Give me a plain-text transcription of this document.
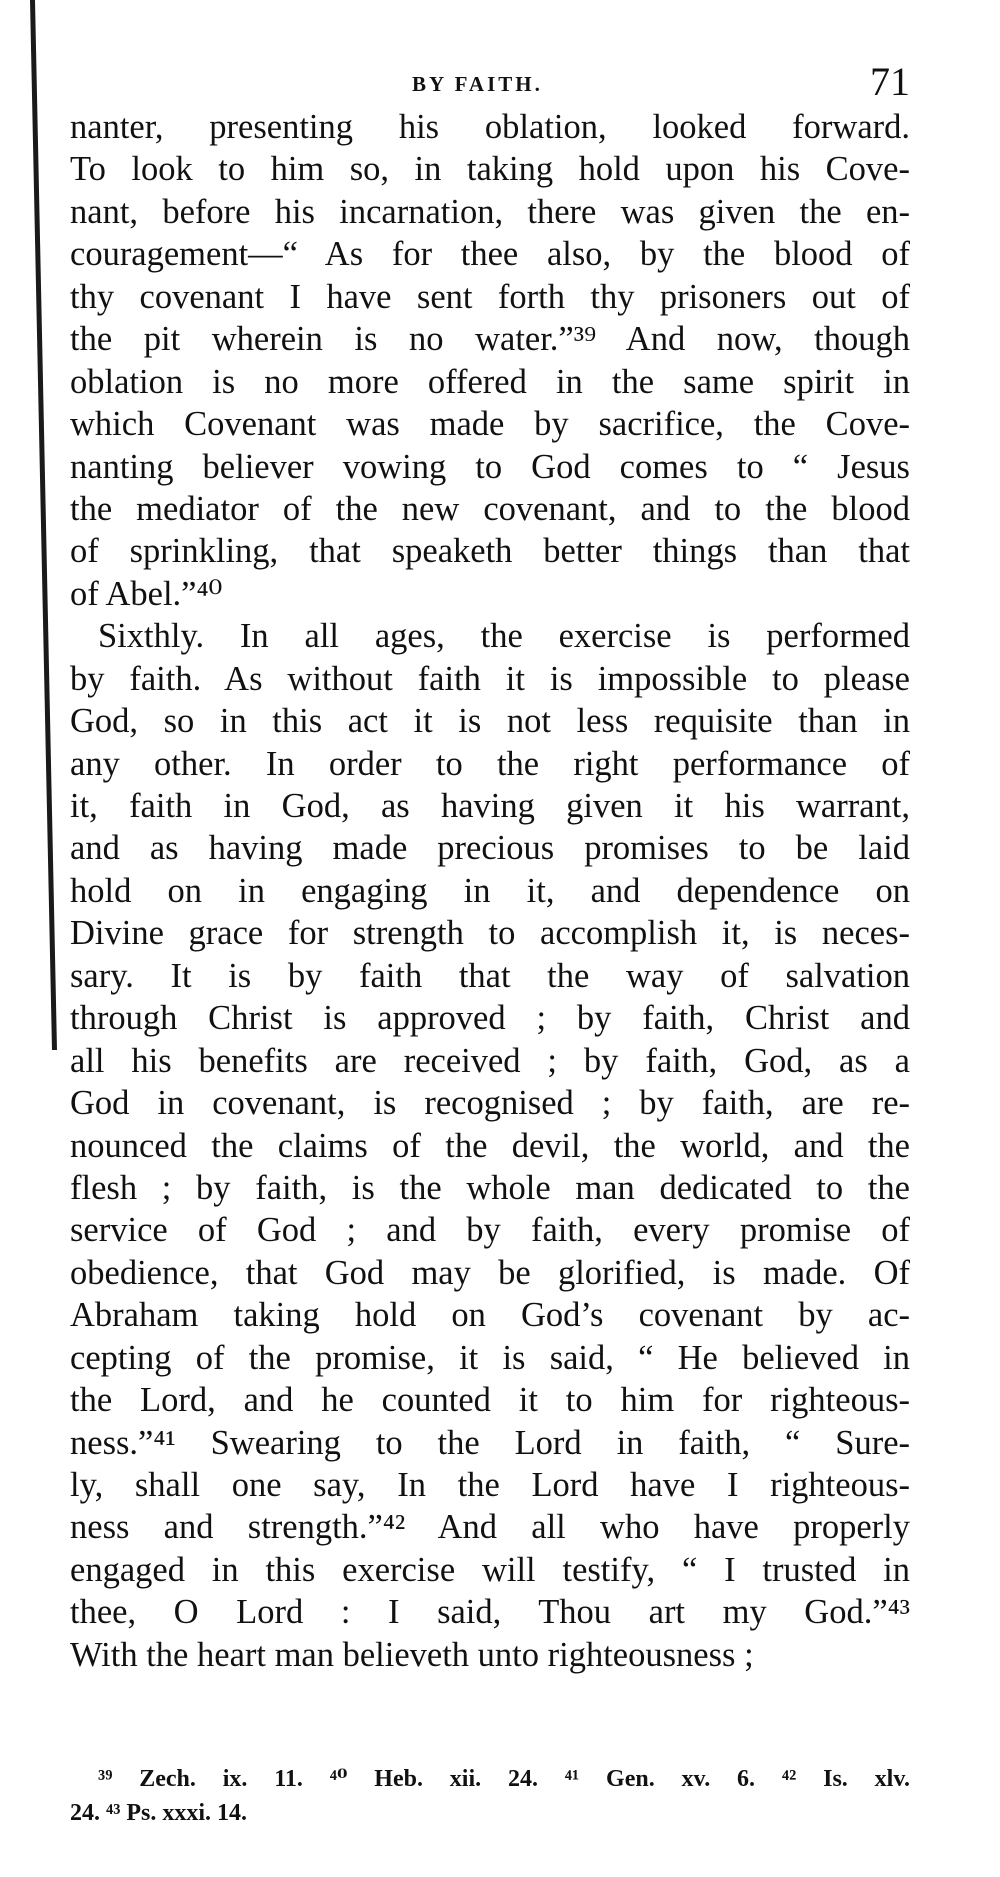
BY FAITH.	71
nanter, presenting his oblation, looked forward.
To look to him so, in taking hold upon his Cove-
nant, before his incarnation, there was given the en-
couragement—“ As for thee also, by the blood of
thy covenant I have sent forth thy prisoners out of
the pit wherein is no water.”³⁹ And now, though
oblation is no more offered in the same spirit in
which Covenant was made by sacrifice, the Cove-
nanting believer vowing to God comes to “ Jesus
the mediator of the new covenant, and to the blood
of sprinkling, that speaketh better things than that
of Abel.”⁴⁰
Sixthly. In all ages, the exercise is performed
by faith. As without faith it is impossible to please
God, so in this act it is not less requisite than in
any other. In order to the right performance of
it, faith in God, as having given it his warrant,
and as having made precious promises to be laid
hold on in engaging in it, and dependence on
Divine grace for strength to accomplish it, is neces-
sary. It is by faith that the way of salvation
through Christ is approved ; by faith, Christ and
all his benefits are received ; by faith, God, as a
God in covenant, is recognised ; by faith, are re-
nounced the claims of the devil, the world, and the
flesh ; by faith, is the whole man dedicated to the
service of God ; and by faith, every promise of
obedience, that God may be glorified, is made. Of
Abraham taking hold on God’s covenant by ac-
cepting of the promise, it is said, “ He believed in
the Lord, and he counted it to him for righteous-
ness.”⁴¹ Swearing to the Lord in faith, “ Sure-
ly, shall one say, In the Lord have I righteous-
ness and strength.”⁴² And all who have properly
engaged in this exercise will testify, “ I trusted in
thee, O Lord : I said, Thou art my God.”⁴³
With the heart man believeth unto righteousness ;
³⁹ Zech. ix. 11. ⁴⁰ Heb. xii. 24. ⁴¹ Gen. xv. 6. ⁴² Is. xlv.
24. ⁴³ Ps. xxxi. 14.
